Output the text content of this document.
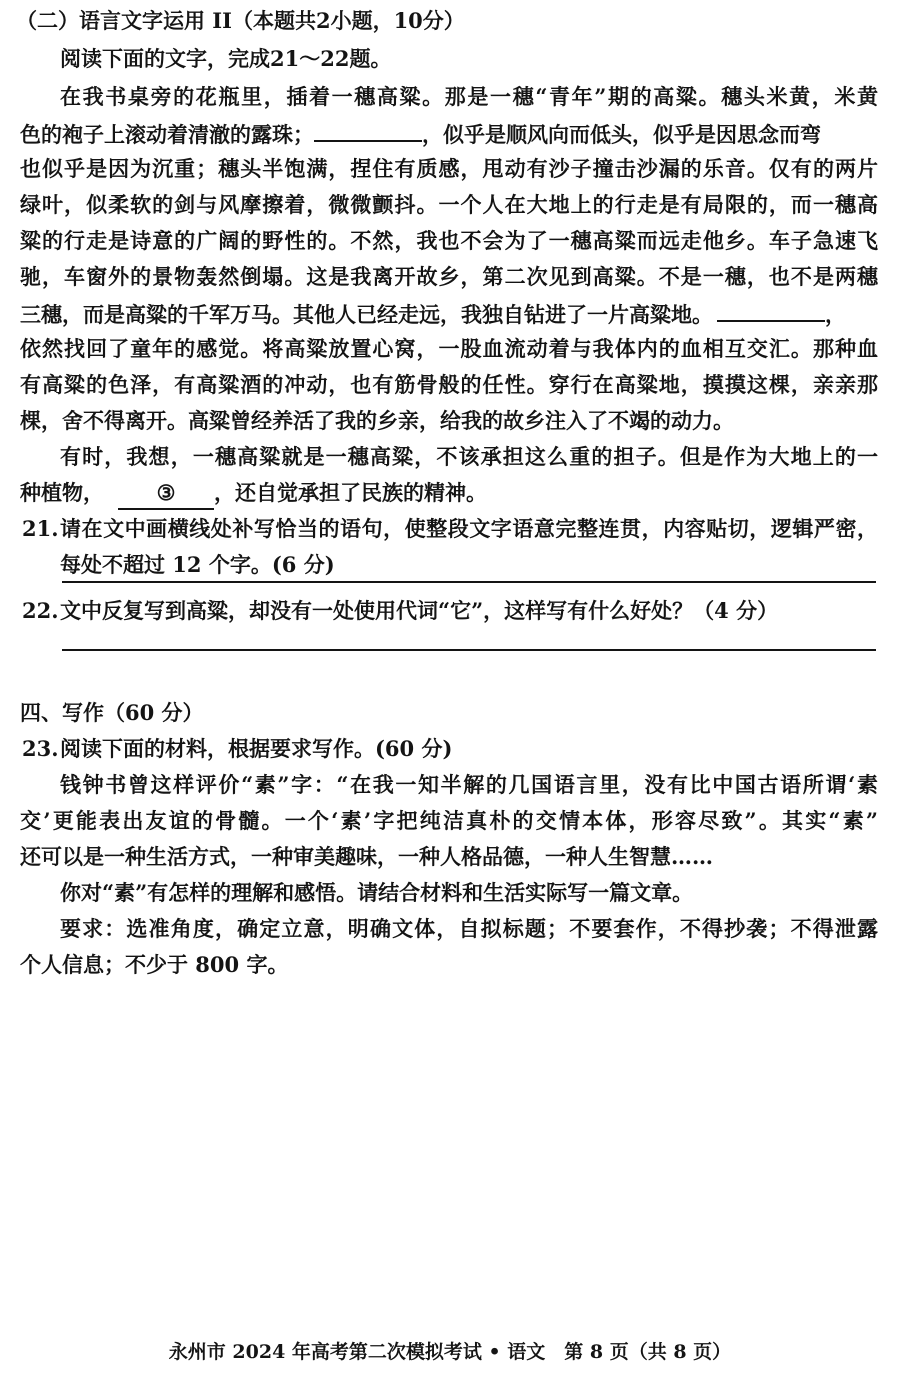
（二）语言文字运用 II（本题共2小题，10分）
阅读下面的文字，完成21～22题。
在我书桌旁的花瓶里，插着一穗高粱。那是一穗“青年”期的高粱。穗头米黄，米黄
色的袍子上滚动着清澈的露珠；	，似乎是顺风向而低头，似乎是因思念而弯
也似乎是因为沉重；穗头半饱满，捏住有质感，甩动有沙子撞击沙漏的乐音。仅有的两片
绿叶，似柔软的剑与风摩擦着，微微颤抖。一个人在大地上的行走是有局限的，而一穗高
粱的行走是诗意的广阔的野性的。不然，我也不会为了一穗高粱而远走他乡。车子急速飞
驰，车窗外的景物轰然倒塌。这是我离开故乡，第二次见到高粱。不是一穗，也不是两穗
三穗，而是高粱的千军万马。其他人已经走远，我独自钻进了一片高粱地。	，
依然找回了童年的感觉。将高粱放置心窝，一股血流动着与我体内的血相互交汇。那种血
有高粱的色泽，有高粱酒的冲动，也有筋骨般的任性。穿行在高粱地，摸摸这棵，亲亲那
棵，舍不得离开。高粱曾经养活了我的乡亲，给我的故乡注入了不竭的动力。
有时，我想，一穗高粱就是一穗高粱，不该承担这么重的担子。但是作为大地上的一
种植物，	③ ，还自觉承担了民族的精神。
21. 请在文中画横线处补写恰当的语句，使整段文字语意完整连贯，内容贴切，逻辑严密，
每处不超过 12 个字。(6 分)
22. 文中反复写到高粱，却没有一处使用代词“它”，这样写有什么好处？（4 分）
四、写作（60 分）
23. 阅读下面的材料，根据要求写作。(60 分)
钱钟书曾这样评价“素”字：“在我一知半解的几国语言里，没有比中国古语所谓‘素
交’更能表出友谊的骨髓。一个‘素’字把纯洁真朴的交情本体，形容尽致”。其实“素”
还可以是一种生活方式，一种审美趣味，一种人格品德，一种人生智慧……
你对“素”有怎样的理解和感悟。请结合材料和生活实际写一篇文章。
要求：选准角度，确定立意，明确文体，自拟标题；不要套作，不得抄袭；不得泄露
个人信息；不少于 800 字。
永州市 2024 年高考第二次模拟考试 • 语文　第 8 页（共 8 页）
